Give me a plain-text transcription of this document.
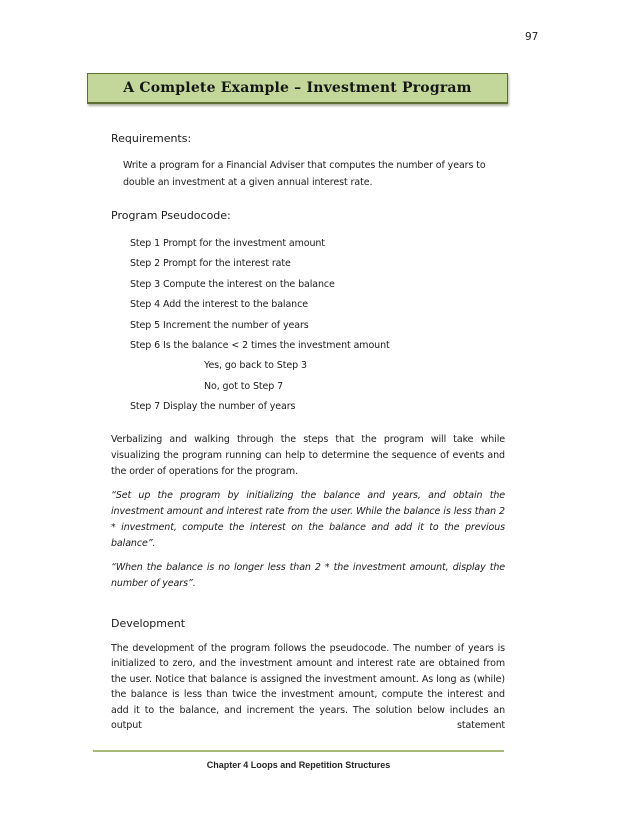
97
A Complete Example – Investment Program
Requirements:
Write a program for a Financial Adviser that computes the number of years to double an investment at a given annual interest rate.
Program Pseudocode:
Step 1 Prompt for the investment amount
Step 2 Prompt for the interest rate
Step 3 Compute the interest on the balance
Step 4 Add the interest to the balance
Step 5 Increment the number of years
Step 6 Is the balance < 2 times the investment amount
Yes, go back to Step 3
No, got to Step 7
Step 7 Display the number of years
Verbalizing and walking through the steps that the program will take while visualizing the program running can help to determine the sequence of events and the order of operations for the program.
“Set up the program by initializing the balance and years, and obtain the investment amount and interest rate from the user. While the balance is less than 2 * investment, compute the interest on the balance and add it to the previous balance”.
“When the balance is no longer less than 2 * the investment amount, display the number of years”.
Development
The development of the program follows the pseudocode. The number of years is initialized to zero, and the investment amount and interest rate are obtained from the user. Notice that balance is assigned the investment amount. As long as (while) the balance is less than twice the investment amount, compute the interest and add it to the balance, and increment the years. The solution below includes an output statement
Chapter 4 Loops and Repetition Structures
